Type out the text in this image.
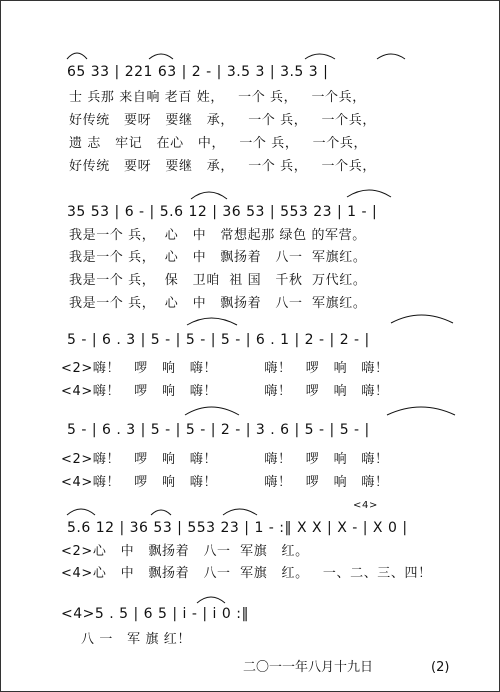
65 33 | 221 63 | 2 - | 3.5 3 | 3.5 3 |
士 兵那 来自响 老百 姓，   一个 兵，   一个兵，
好传统   要呀   要继   承，   一个 兵，   一个兵，
遗 志   牢记   在心   中，   一个 兵，   一个兵，
好传统   要呀   要继   承，   一个 兵，   一个兵，
35 53 | 6 - | 5.6 12 | 36 53 | 553 23 | 1 - |
我是一个 兵，  心   中   常想起那 绿色 的军营。
我是一个 兵，  心   中   飘扬着   八一  军旗红。
我是一个 兵，  保   卫咱  祖 国   千秋  万代红。
我是一个 兵，  心   中   飘扬着   八一  军旗红。
5 - | 6 . 3 | 5 - | 5 - | 5 - | 6 . 1 | 2 - | 2 - |
<2>嗨！   啰   响   嗨！          嗨！   啰   响   嗨！
<4>嗨！   啰   响   嗨！          嗨！   啰   响   嗨！
5 - | 6 . 3 | 5 - | 5 - | 2 - | 3 . 6 | 5 - | 5 - |
<2>嗨！   啰   响   嗨！          嗨！   啰   响   嗨！
<4>嗨！   啰   响   嗨！          嗨！   啰   响   嗨！
<4>
5.6 12 | 36 53 | 553 23 | 1 - :‖ X X | X - | X 0 |
<2>心   中   飘扬着   八一  军旗   红。
<4>心   中   飘扬着   八一  军旗   红。   一、二、三、四！
<4>5 . 5 | 6 5 | i - | i 0 :‖
八 一   军 旗 红！
二〇一一年八月十九日	(2)
